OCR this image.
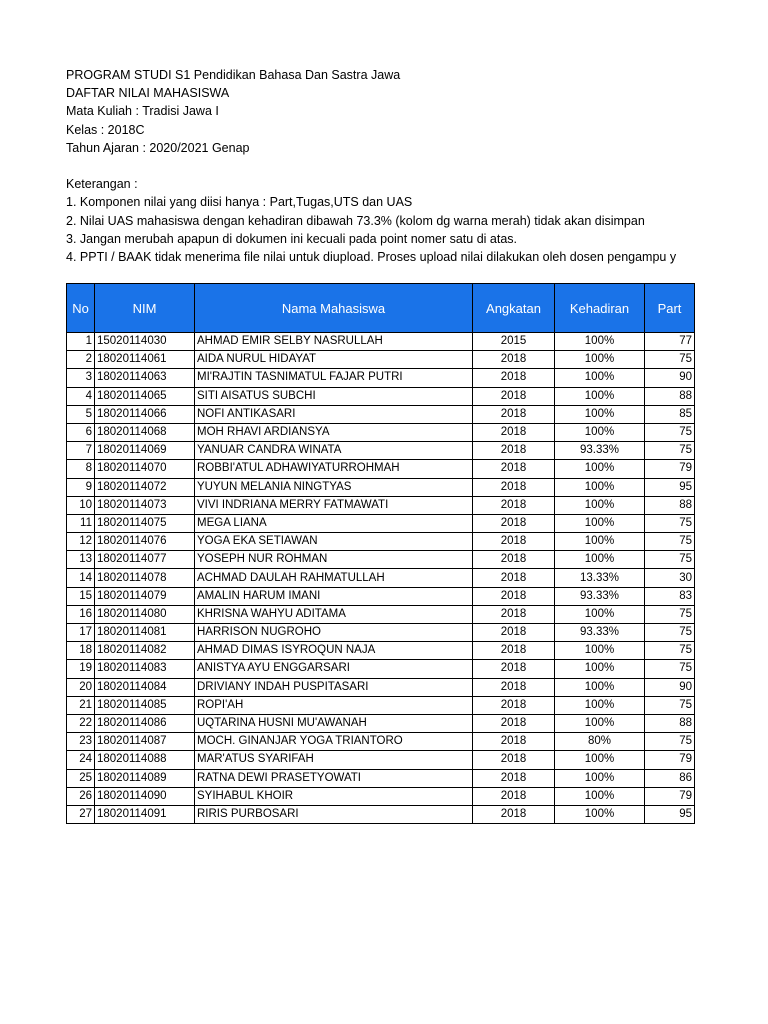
PROGRAM STUDI S1 Pendidikan Bahasa Dan Sastra Jawa
DAFTAR NILAI MAHASISWA
Mata Kuliah : Tradisi Jawa I
Kelas : 2018C
Tahun Ajaran : 2020/2021 Genap
Keterangan :
1. Komponen nilai yang diisi hanya : Part,Tugas,UTS dan UAS
2. Nilai UAS mahasiswa dengan kehadiran dibawah 73.3% (kolom dg warna merah) tidak akan disimpan
3. Jangan merubah apapun di dokumen ini kecuali pada point nomer satu di atas.
4. PPTI / BAAK tidak menerima file nilai untuk diupload. Proses upload nilai dilakukan oleh dosen pengampu y
No	NIM	Nama Mahasiswa	Angkatan	Kehadiran	Part
1	15020114030	AHMAD EMIR SELBY NASRULLAH	2015	100%	77
2	18020114061	AIDA NURUL HIDAYAT	2018	100%	75
3	18020114063	MI'RAJTIN TASNIMATUL FAJAR PUTRI	2018	100%	90
4	18020114065	SITI AISATUS SUBCHI	2018	100%	88
5	18020114066	NOFI ANTIKASARI	2018	100%	85
6	18020114068	MOH RHAVI ARDIANSYA	2018	100%	75
7	18020114069	YANUAR CANDRA WINATA	2018	93.33%	75
8	18020114070	ROBBI'ATUL ADHAWIYATURROHMAH	2018	100%	79
9	18020114072	YUYUN MELANIA NINGTYAS	2018	100%	95
10	18020114073	VIVI INDRIANA MERRY FATMAWATI	2018	100%	88
11	18020114075	MEGA LIANA	2018	100%	75
12	18020114076	YOGA EKA SETIAWAN	2018	100%	75
13	18020114077	YOSEPH NUR ROHMAN	2018	100%	75
14	18020114078	ACHMAD DAULAH RAHMATULLAH	2018	13.33%	30
15	18020114079	AMALIN HARUM IMANI	2018	93.33%	83
16	18020114080	KHRISNA WAHYU ADITAMA	2018	100%	75
17	18020114081	HARRISON NUGROHO	2018	93.33%	75
18	18020114082	AHMAD DIMAS ISYROQUN NAJA	2018	100%	75
19	18020114083	ANISTYA AYU ENGGARSARI	2018	100%	75
20	18020114084	DRIVIANY INDAH PUSPITASARI	2018	100%	90
21	18020114085	ROPI'AH	2018	100%	75
22	18020114086	UQTARINA HUSNI MU'AWANAH	2018	100%	88
23	18020114087	MOCH. GINANJAR YOGA TRIANTORO	2018	80%	75
24	18020114088	MAR'ATUS SYARIFAH	2018	100%	79
25	18020114089	RATNA DEWI PRASETYOWATI	2018	100%	86
26	18020114090	SYIHABUL KHOIR	2018	100%	79
27	18020114091	RIRIS PURBOSARI	2018	100%	95
